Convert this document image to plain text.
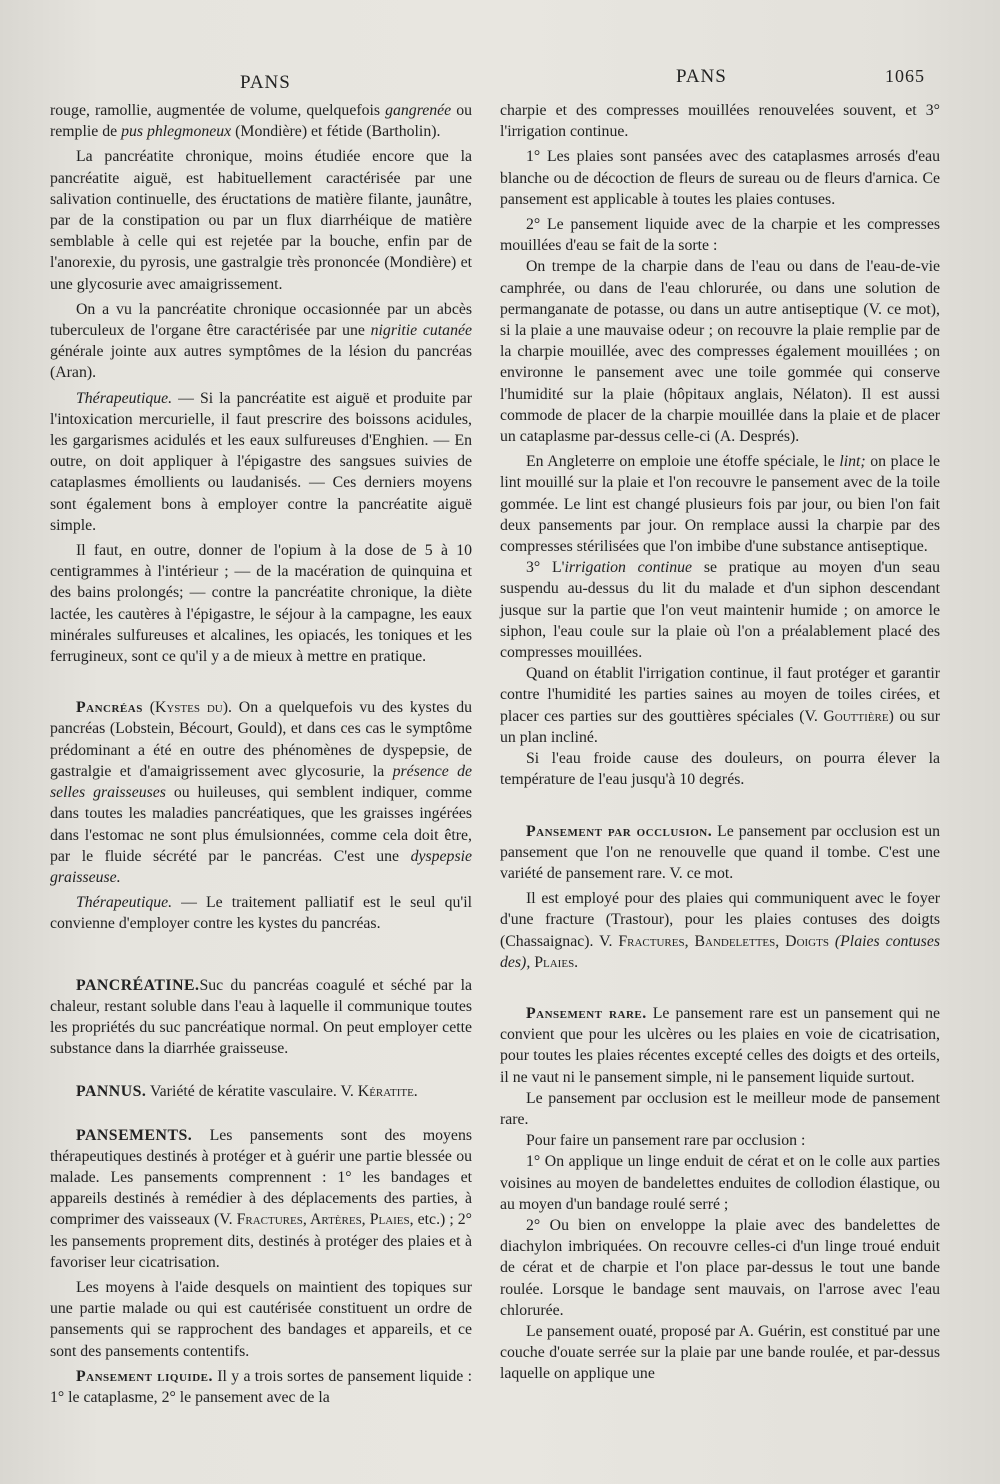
PANS	PANS	1065

rouge, ramollie, augmentée de volume, quelquefois gangrenée ou remplie de pus phlegmoneux (Mondière) et fétide (Bartholin).

La pancréatite chronique, moins étudiée encore que la pancréatite aiguë, est habituellement caractérisée par une salivation continuelle, des éructations de matière filante, jaunâtre, par de la constipation ou par un flux diarrhéique de matière semblable à celle qui est rejetée par la bouche, enfin par de l'anorexie, du pyrosis, une gastralgie très prononcée (Mondière) et une glycosurie avec amaigrissement.

On a vu la pancréatite chronique occasionnée par un abcès tuberculeux de l'organe être caractérisée par une nigritie cutanée générale jointe aux autres symptômes de la lésion du pancréas (Aran).

Thérapeutique. — Si la pancréatite est aiguë et produite par l'intoxication mercurielle, il faut prescrire des boissons acidules, les gargarismes acidulés et les eaux sulfureuses d'Enghien. — En outre, on doit appliquer à l'épigastre des sangsues suivies de cataplasmes émollients ou laudanisés. — Ces derniers moyens sont également bons à employer contre la pancréatite aiguë simple.

Il faut, en outre, donner de l'opium à la dose de 5 à 10 centigrammes à l'intérieur ; — de la macération de quinquina et des bains prolongés; — contre la pancréatite chronique, la diète lactée, les cautères à l'épigastre, le séjour à la campagne, les eaux minérales sulfureuses et alcalines, les opiacés, les toniques et les ferrugineux, sont ce qu'il y a de mieux à mettre en pratique.

Pancréas (Kystes du). On a quelquefois vu des kystes du pancréas (Lobstein, Bécourt, Gould), et dans ces cas le symptôme prédominant a été en outre des phénomènes de dyspepsie, de gastralgie et d'amaigrissement avec glycosurie, la présence de selles graisseuses ou huileuses, qui semblent indiquer, comme dans toutes les maladies pancréatiques, que les graisses ingérées dans l'estomac ne sont plus émulsionnées, comme cela doit être, par le fluide sécrété par le pancréas. C'est une dyspepsie graisseuse.

Thérapeutique. — Le traitement palliatif est le seul qu'il convienne d'employer contre les kystes du pancréas.

PANCRÉATINE.Suc du pancréas coagulé et séché par la chaleur, restant soluble dans l'eau à laquelle il communique toutes les propriétés du suc pancréatique normal. On peut employer cette substance dans la diarrhée graisseuse.

PANNUS. Variété de kératite vasculaire. V. Kératite.

PANSEMENTS. Les pansements sont des moyens thérapeutiques destinés à protéger et à guérir une partie blessée ou malade. Les pansements comprennent : 1° les bandages et appareils destinés à remédier à des déplacements des parties, à comprimer des vaisseaux (V. Fractures, Artères, Plaies, etc.) ; 2° les pansements proprement dits, destinés à protéger des plaies et à favoriser leur cicatrisation.

Les moyens à l'aide desquels on maintient des topiques sur une partie malade ou qui est cautérisée constituent un ordre de pansements qui se rapprochent des bandages et appareils, et ce sont des pansements contentifs.

Pansement liquide. Il y a trois sortes de pansement liquide : 1° le cataplasme, 2° le pansement avec de la

charpie et des compresses mouillées renouvelées souvent, et 3° l'irrigation continue.

1° Les plaies sont pansées avec des cataplasmes arrosés d'eau blanche ou de décoction de fleurs de sureau ou de fleurs d'arnica. Ce pansement est applicable à toutes les plaies contuses.

2° Le pansement liquide avec de la charpie et les compresses mouillées d'eau se fait de la sorte :

On trempe de la charpie dans de l'eau ou dans de l'eau-de-vie camphrée, ou dans de l'eau chlorurée, ou dans une solution de permanganate de potasse, ou dans un autre antiseptique (V. ce mot), si la plaie a une mauvaise odeur ; on recouvre la plaie remplie par de la charpie mouillée, avec des compresses également mouillées ; on environne le pansement avec une toile gommée qui conserve l'humidité sur la plaie (hôpitaux anglais, Nélaton). Il est aussi commode de placer de la charpie mouillée dans la plaie et de placer un cataplasme par-dessus celle-ci (A. Després).

En Angleterre on emploie une étoffe spéciale, le lint; on place le lint mouillé sur la plaie et l'on recouvre le pansement avec de la toile gommée. Le lint est changé plusieurs fois par jour, ou bien l'on fait deux pansements par jour. On remplace aussi la charpie par des compresses stérilisées que l'on imbibe d'une substance antiseptique.

3° L'irrigation continue se pratique au moyen d'un seau suspendu au-dessus du lit du malade et d'un siphon descendant jusque sur la partie que l'on veut maintenir humide ; on amorce le siphon, l'eau coule sur la plaie où l'on a préalablement placé des compresses mouillées.

Quand on établit l'irrigation continue, il faut protéger et garantir contre l'humidité les parties saines au moyen de toiles cirées, et placer ces parties sur des gouttières spéciales (V. Gouttière) ou sur un plan incliné.

Si l'eau froide cause des douleurs, on pourra élever la température de l'eau jusqu'à 10 degrés.

Pansement par occlusion. Le pansement par occlusion est un pansement que l'on ne renouvelle que quand il tombe. C'est une variété de pansement rare. V. ce mot.

Il est employé pour des plaies qui communiquent avec le foyer d'une fracture (Trastour), pour les plaies contuses des doigts (Chassaignac). V. Fractures, Bandelettes, Doigts (Plaies contuses des), Plaies.

Pansement rare. Le pansement rare est un pansement qui ne convient que pour les ulcères ou les plaies en voie de cicatrisation, pour toutes les plaies récentes excepté celles des doigts et des orteils, il ne vaut ni le pansement simple, ni le pansement liquide surtout.

Le pansement par occlusion est le meilleur mode de pansement rare.

Pour faire un pansement rare par occlusion :

1° On applique un linge enduit de cérat et on le colle aux parties voisines au moyen de bandelettes enduites de collodion élastique, ou au moyen d'un bandage roulé serré ;

2° Ou bien on enveloppe la plaie avec des bandelettes de diachylon imbriquées. On recouvre celles-ci d'un linge troué enduit de cérat et de charpie et l'on place par-dessus le tout une bande roulée. Lorsque le bandage sent mauvais, on l'arrose avec l'eau chlorurée.

Le pansement ouaté, proposé par A. Guérin, est constitué par une couche d'ouate serrée sur la plaie par une bande roulée, et par-dessus laquelle on applique une
